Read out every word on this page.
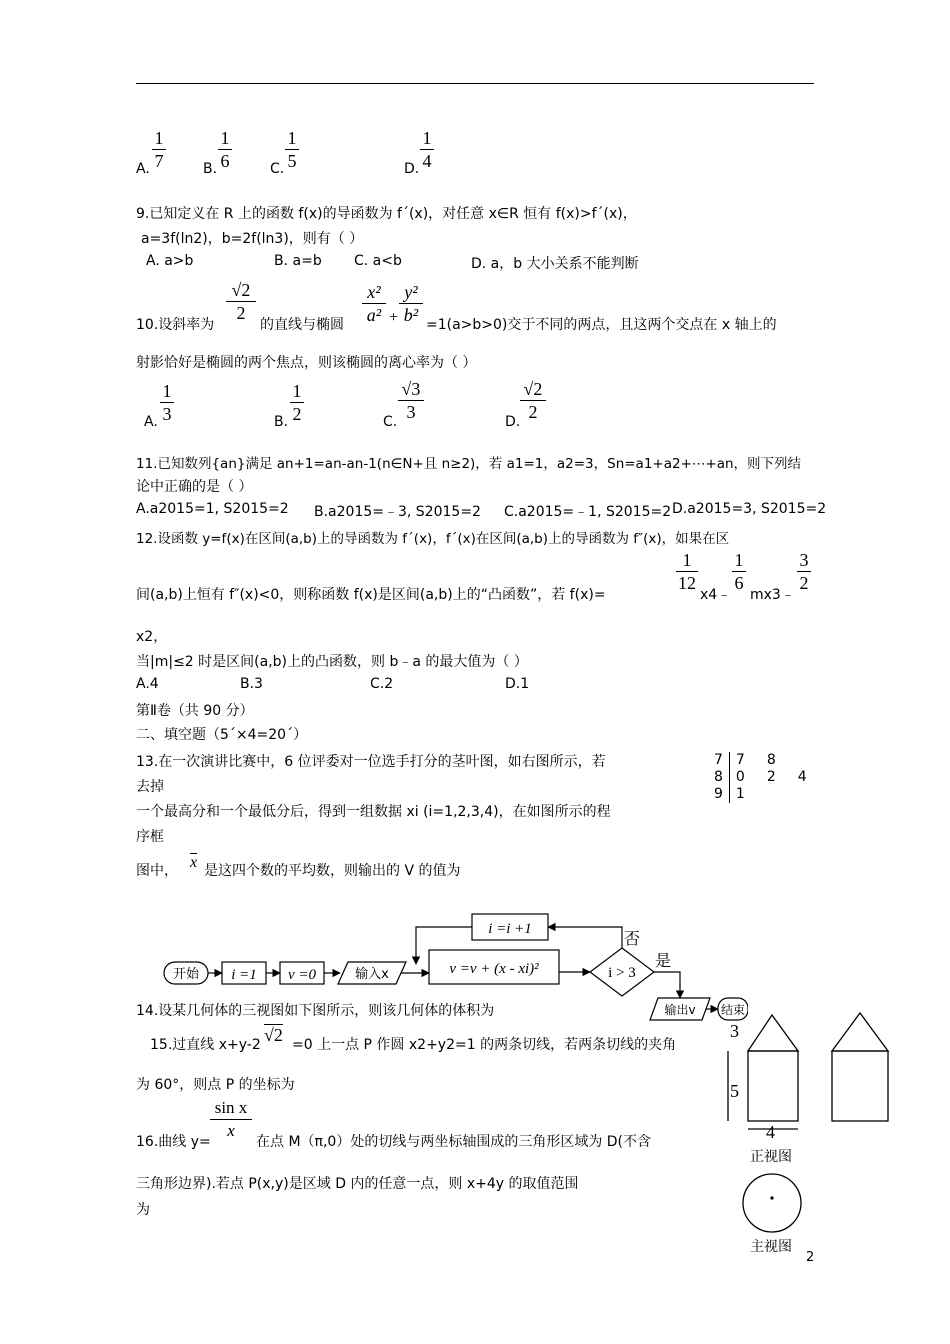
A.
1
7	B.
1
6	C.
1
5	D.
1
4
9.已知定义在 R 上的函数 f(x)的导函数为 f´(x)，对任意 x∈R 恒有 f(x)>f´(x)，
a=3f(ln2)，b=2f(ln3)，则有（ ）
A. a>b	B. a=b C. a<b	D. a，b 大小关系不能判断
10.设斜率为
√2
2
的直线与椭圆
x²
a² +
y²
b² =1(a>b>0)交于不同的两点，且这两个交点在 x 轴上的
射影恰好是椭圆的两个焦点，则该椭圆的离心率为（ ）
A.
1
3	B.
1
2	C.
√3
3	D.
√2
2
11.已知数列{an}满足 an+1=an-an-1(n∈N+且 n≥2)，若 a1=1，a2=3，Sn=a1+a2+⋯+an，则下列结
论中正确的是（ ）
A.a2015=1, S2015=2 B.a2015=﹣3, S2015=2 C.a2015=﹣1, S2015=2 D.a2015=3, S2015=2
12.设函数 y=f(x)在区间(a,b)上的导函数为 f´(x)，f´(x)在区间(a,b)上的导函数为 f″(x)，如果在区
间(a,b)上恒有 f″(x)<0，则称函数 f(x)是区间(a,b)上的“凸函数”，若 f(x)=
1
12
x4﹣
1
6
mx3﹣
3
2
x2，
当|m|≤2 时是区间(a,b)上的凸函数，则 b﹣a 的最大值为（ ）
A.4	B.3	C.2	D.1
第Ⅱ卷（共 90 分）
二、填空题（5´×4=20´）
13.在一次演讲比赛中，6 位评委对一位选手打分的茎叶图，如右图所示，若
去掉
一个最高分和一个最低分后，得到一组数据 xi (i=1,2,3,4)，在如图所示的程
序框
图中， $\overline{x}$ 是这四个数的平均数，则输出的 V 的值为
7	7	8	
8	0	2	4
9	1		
开始 i =1 v =0	输入x	v =v + (x - xi)²
i =i +1
i > 3
否
是
输出v 结束
14.设某几何体的三视图如下图所示，则该几何体的体积为
15.过直线 x+y-2 √2 =0 上一点 P 作圆 x2+y2=1 的两条切线，若两条切线的夹角
为 60°，则点 P 的坐标为
16.曲线 y=
sin x
x
在点 M（π,0）处的切线与两坐标轴围成的三角形区域为 D(不含
三角形边界).若点 P(x,y)是区域 D 内的任意一点，则 x+4y 的取值范围
为
3
5
4
正视图
主视图
2
